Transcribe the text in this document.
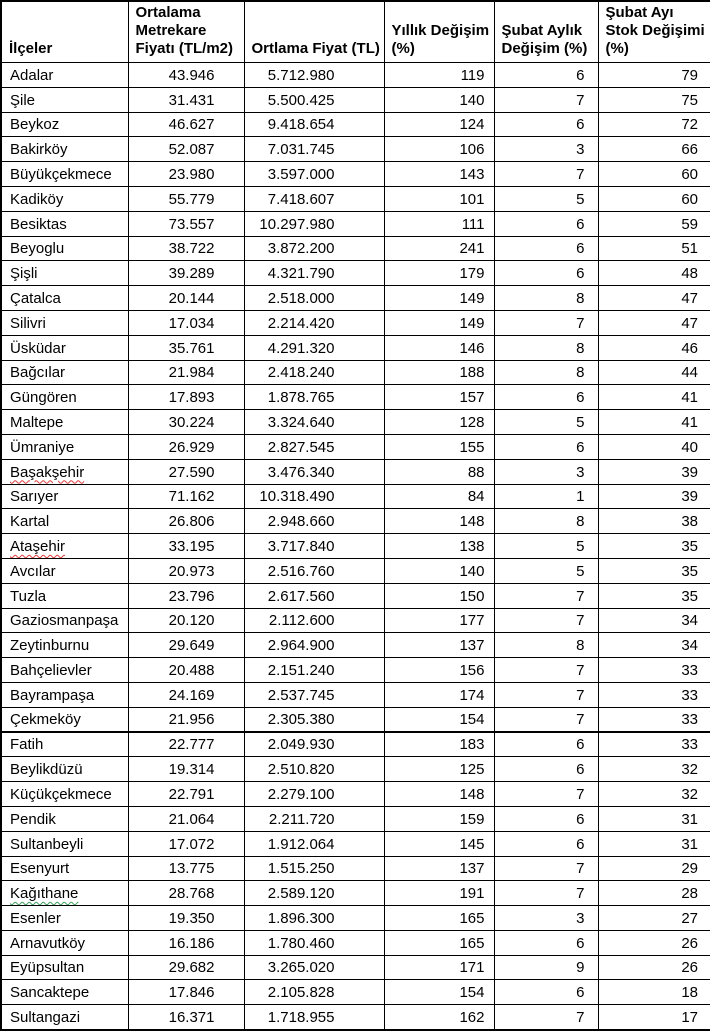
İlçeler	Ortalama Metrekare Fiyatı (TL/m2)	Ortlama Fiyat (TL)	Yıllık Değişim (%)	Şubat Aylık Değişim (%)	Şubat Ayı Stok Değişimi (%)
Adalar	43.946	5.712.980	119	6	79
Şile	31.431	5.500.425	140	7	75
Beykoz	46.627	9.418.654	124	6	72
Bakirköy	52.087	7.031.745	106	3	66
Büyükçekmece	23.980	3.597.000	143	7	60
Kadiköy	55.779	7.418.607	101	5	60
Besiktas	73.557	10.297.980	111	6	59
Beyoglu	38.722	3.872.200	241	6	51
Şişli	39.289	4.321.790	179	6	48
Çatalca	20.144	2.518.000	149	8	47
Silivri	17.034	2.214.420	149	7	47
Üsküdar	35.761	4.291.320	146	8	46
Bağcılar	21.984	2.418.240	188	8	44
Güngören	17.893	1.878.765	157	6	41
Maltepe	30.224	3.324.640	128	5	41
Ümraniye	26.929	2.827.545	155	6	40
Başakşehir	27.590	3.476.340	88	3	39
Sarıyer	71.162	10.318.490	84	1	39
Kartal	26.806	2.948.660	148	8	38
Ataşehir	33.195	3.717.840	138	5	35
Avcılar	20.973	2.516.760	140	5	35
Tuzla	23.796	2.617.560	150	7	35
Gaziosmanpaşa	20.120	2.112.600	177	7	34
Zeytinburnu	29.649	2.964.900	137	8	34
Bahçelievler	20.488	2.151.240	156	7	33
Bayrampaşa	24.169	2.537.745	174	7	33
Çekmeköy	21.956	2.305.380	154	7	33
Fatih	22.777	2.049.930	183	6	33
Beylikdüzü	19.314	2.510.820	125	6	32
Küçükçekmece	22.791	2.279.100	148	7	32
Pendik	21.064	2.211.720	159	6	31
Sultanbeyli	17.072	1.912.064	145	6	31
Esenyurt	13.775	1.515.250	137	7	29
Kağıthane	28.768	2.589.120	191	7	28
Esenler	19.350	1.896.300	165	3	27
Arnavutköy	16.186	1.780.460	165	6	26
Eyüpsultan	29.682	3.265.020	171	9	26
Sancaktepe	17.846	2.105.828	154	6	18
Sultangazi	16.371	1.718.955	162	7	17
